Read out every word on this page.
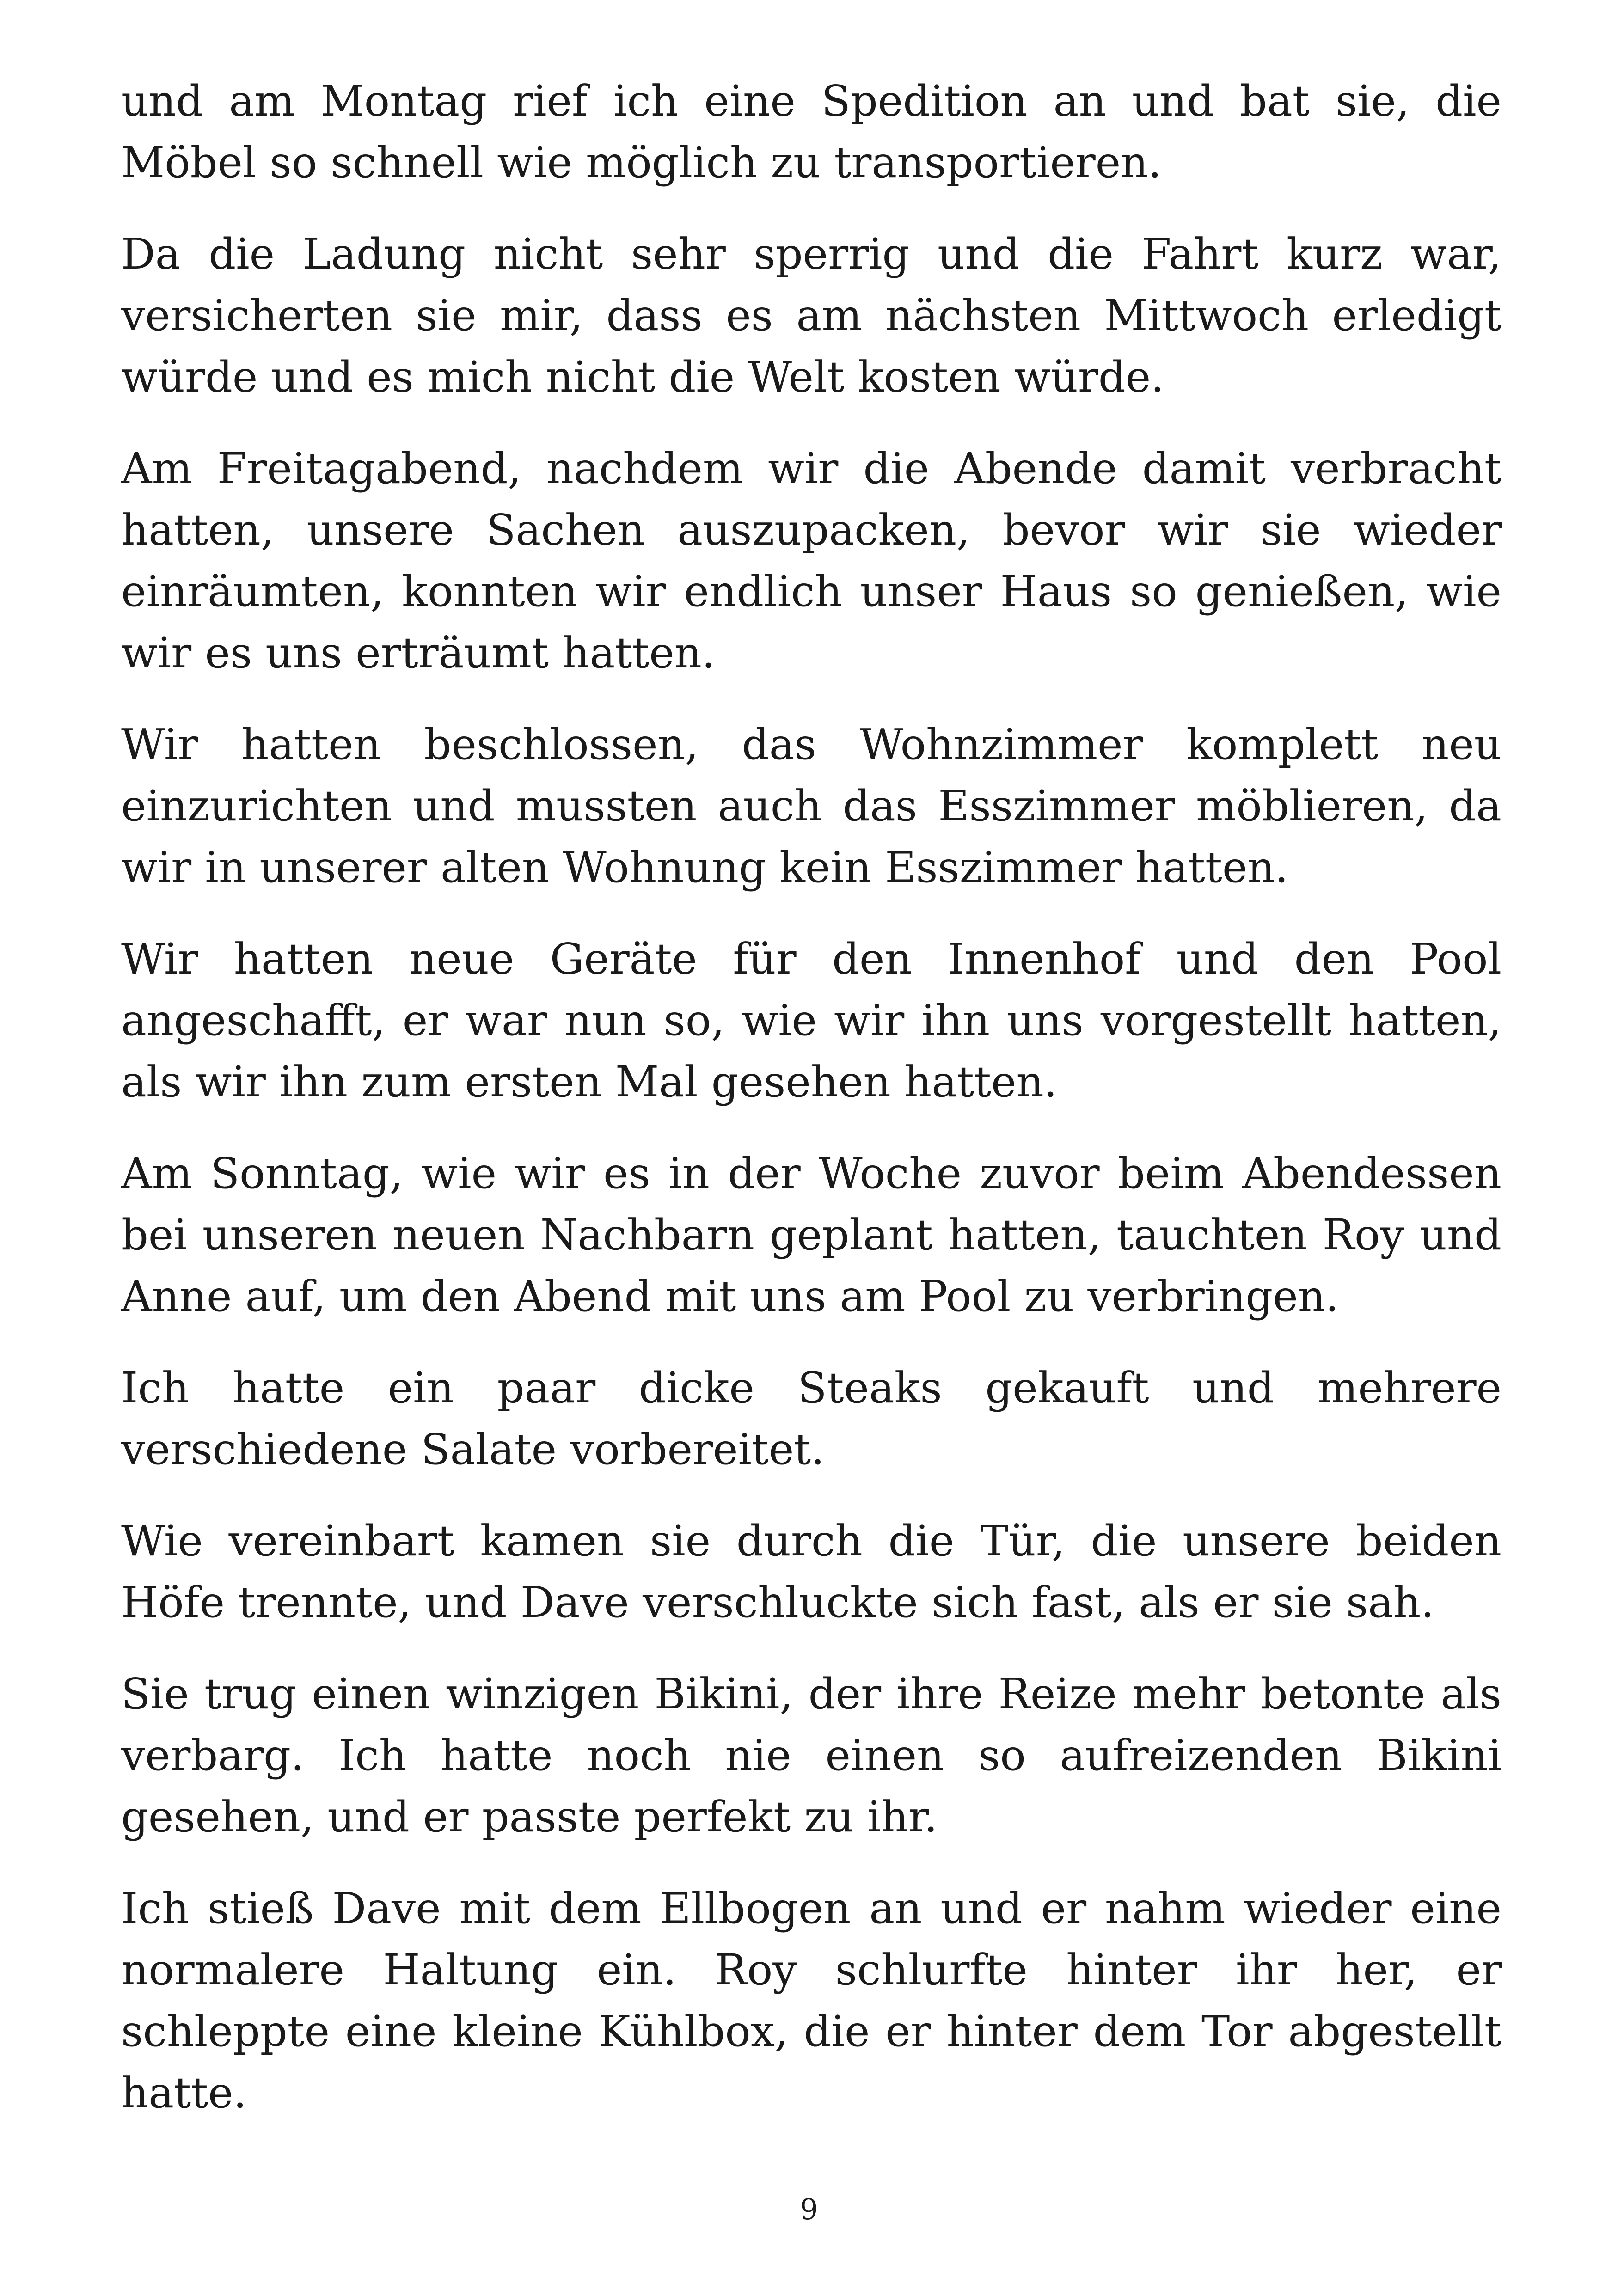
und am Montag rief ich eine Spedition an und bat sie, die Möbel so schnell wie möglich zu transportieren.

Da die Ladung nicht sehr sperrig und die Fahrt kurz war, versicherten sie mir, dass es am nächsten Mittwoch erledigt würde und es mich nicht die Welt kosten würde.

Am Freitagabend, nachdem wir die Abende damit verbracht hatten, unsere Sachen auszupacken, bevor wir sie wieder einräumten, konnten wir endlich unser Haus so genießen, wie wir es uns erträumt hatten.

Wir hatten beschlossen, das Wohnzimmer komplett neu einzurichten und mussten auch das Esszimmer möblieren, da wir in unserer alten Wohnung kein Esszimmer hatten.

Wir hatten neue Geräte für den Innenhof und den Pool angeschafft, er war nun so, wie wir ihn uns vorgestellt hatten, als wir ihn zum ersten Mal gesehen hatten.

Am Sonntag, wie wir es in der Woche zuvor beim Abendessen bei unseren neuen Nachbarn geplant hatten, tauchten Roy und Anne auf, um den Abend mit uns am Pool zu verbringen.

Ich hatte ein paar dicke Steaks gekauft und mehrere verschiedene Salate vorbereitet.

Wie vereinbart kamen sie durch die Tür, die unsere beiden Höfe trennte, und Dave verschluckte sich fast, als er sie sah.

Sie trug einen winzigen Bikini, der ihre Reize mehr betonte als verbarg. Ich hatte noch nie einen so aufreizenden Bikini gesehen, und er passte perfekt zu ihr.

Ich stieß Dave mit dem Ellbogen an und er nahm wieder eine normalere Haltung ein. Roy schlurfte hinter ihr her, er schleppte eine kleine Kühlbox, die er hinter dem Tor abgestellt hatte.

9
